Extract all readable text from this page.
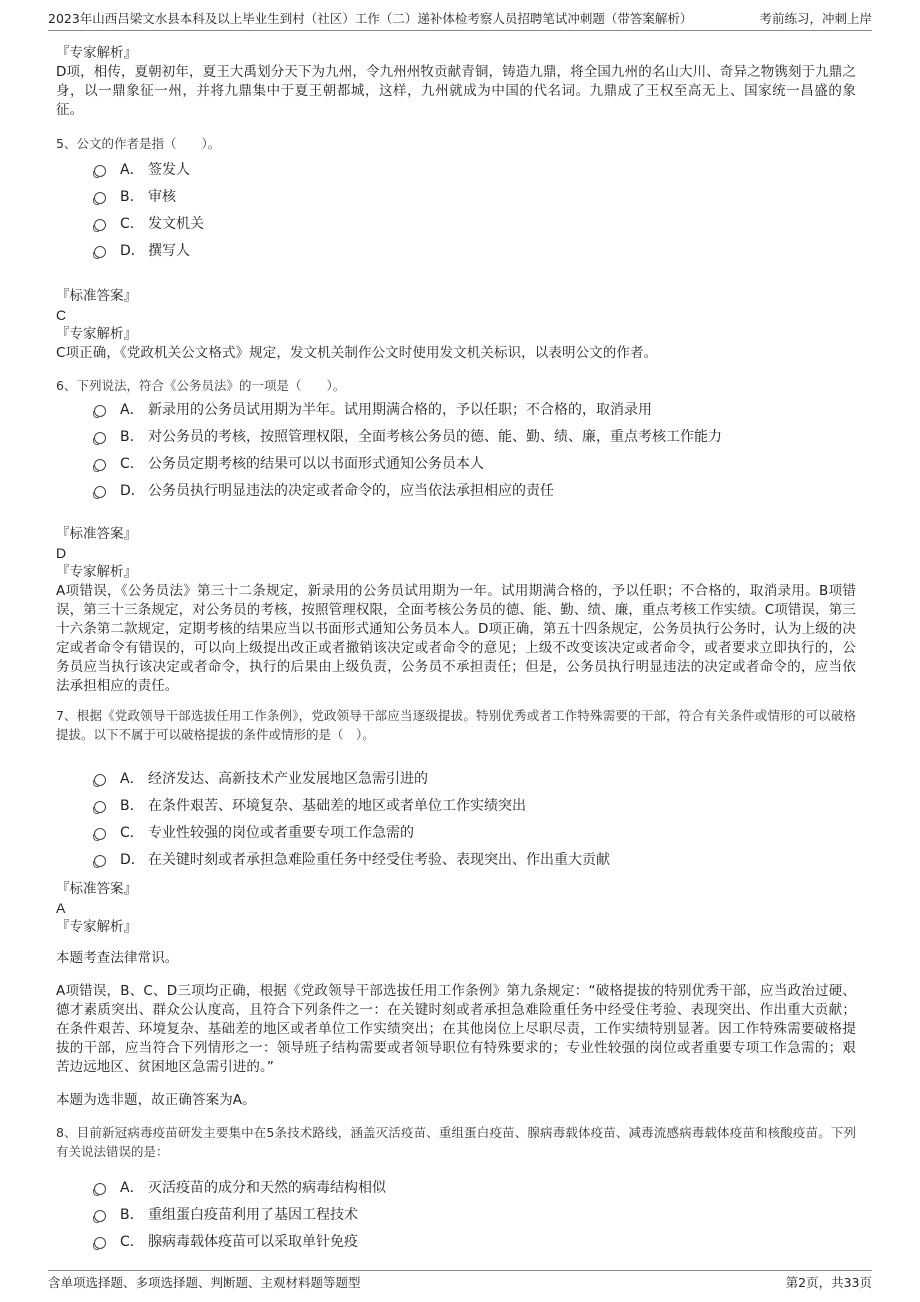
2023年山西吕梁文水县本科及以上毕业生到村（社区）工作（二）递补体检考察人员招聘笔试冲刺题（带答案解析）	考前练习，冲刺上岸

『专家解析』

D项，相传，夏朝初年，夏王大禹划分天下为九州，令九州州牧贡献青铜，铸造九鼎，将全国九州的名山大川、奇异之物镌刻于九鼎之身，以一鼎象征一州，并将九鼎集中于夏王朝都城，这样，九州就成为中国的代名词。九鼎成了王权至高无上、国家统一昌盛的象征。

5、公文的作者是指（　　）。

A． 签发人
B． 审核
C． 发文机关
D． 撰写人

『标准答案』

C

『专家解析』

C项正确，《党政机关公文格式》规定，发文机关制作公文时使用发文机关标识，以表明公文的作者。

6、下列说法，符合《公务员法》的一项是（　　）。

A． 新录用的公务员试用期为半年。试用期满合格的，予以任职；不合格的，取消录用
B． 对公务员的考核，按照管理权限，全面考核公务员的德、能、勤、绩、廉，重点考核工作能力
C． 公务员定期考核的结果可以以书面形式通知公务员本人
D． 公务员执行明显违法的决定或者命令的，应当依法承担相应的责任

『标准答案』

D

『专家解析』

A项错误，《公务员法》第三十二条规定，新录用的公务员试用期为一年。试用期满合格的，予以任职；不合格的，取消录用。B项错误，第三十三条规定，对公务员的考核，按照管理权限，全面考核公务员的德、能、勤、绩、廉，重点考核工作实绩。C项错误，第三十六条第二款规定，定期考核的结果应当以书面形式通知公务员本人。D项正确，第五十四条规定，公务员执行公务时，认为上级的决定或者命令有错误的，可以向上级提出改正或者撤销该决定或者命令的意见；上级不改变该决定或者命令，或者要求立即执行的，公务员应当执行该决定或者命令，执行的后果由上级负责，公务员不承担责任；但是，公务员执行明显违法的决定或者命令的，应当依法承担相应的责任。

7、根据《党政领导干部选拔任用工作条例》，党政领导干部应当逐级提拔。特别优秀或者工作特殊需要的干部，符合有关条件或情形的可以破格提拔。以下不属于可以破格提拔的条件或情形的是（　）。

A． 经济发达、高新技术产业发展地区急需引进的
B． 在条件艰苦、环境复杂、基础差的地区或者单位工作实绩突出
C． 专业性较强的岗位或者重要专项工作急需的
D． 在关键时刻或者承担急难险重任务中经受住考验、表现突出、作出重大贡献

『标准答案』

A

『专家解析』

本题考查法律常识。

A项错误，B、C、D三项均正确，根据《党政领导干部选拔任用工作条例》第九条规定：“破格提拔的特别优秀干部，应当政治过硬、德才素质突出、群众公认度高，且符合下列条件之一：在关键时刻或者承担急难险重任务中经受住考验、表现突出、作出重大贡献；在条件艰苦、环境复杂、基础差的地区或者单位工作实绩突出；在其他岗位上尽职尽责，工作实绩特别显著。因工作特殊需要破格提拔的干部，应当符合下列情形之一：领导班子结构需要或者领导职位有特殊要求的；专业性较强的岗位或者重要专项工作急需的；艰苦边远地区、贫困地区急需引进的。”

本题为选非题，故正确答案为A。

8、目前新冠病毒疫苗研发主要集中在5条技术路线，涵盖灭活疫苗、重组蛋白疫苗、腺病毒载体疫苗、减毒流感病毒载体疫苗和核酸疫苗。下列有关说法错误的是：

A． 灭活疫苗的成分和天然的病毒结构相似
B． 重组蛋白疫苗利用了基因工程技术
C． 腺病毒载体疫苗可以采取单针免疫
含单项选择题、多项选择题、判断题、主观材料题等题型	第2页，共33页
